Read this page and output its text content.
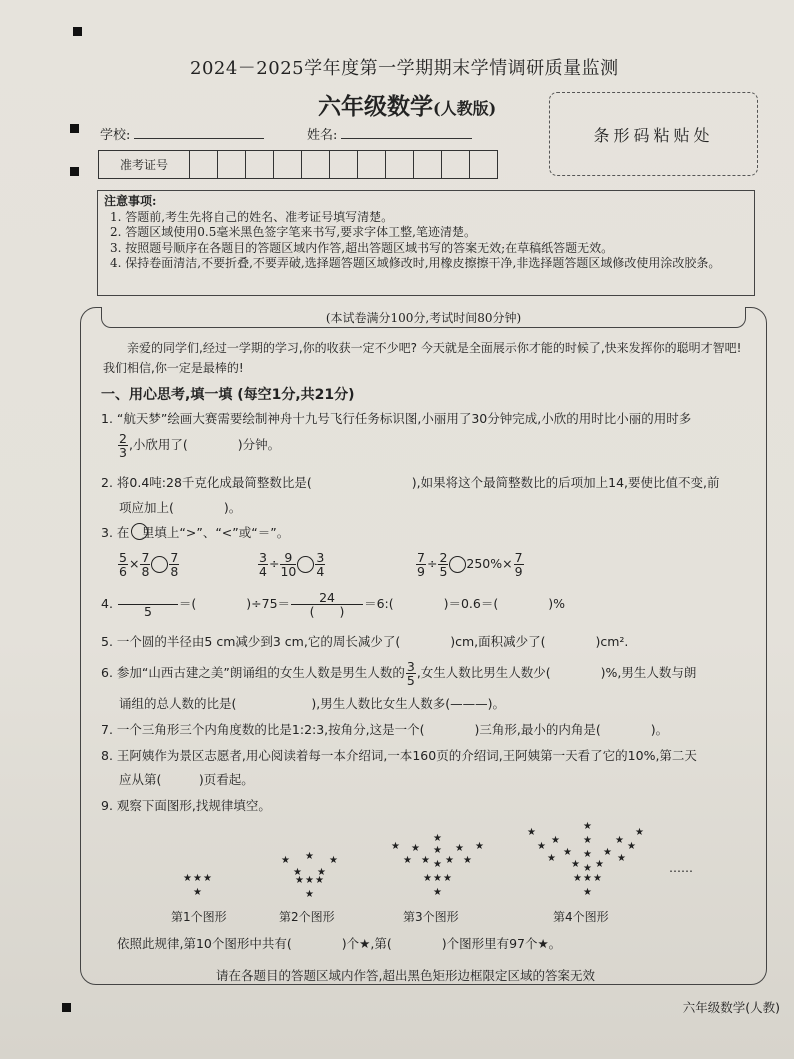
2024－2025学年度第一学期期末学情调研质量监测
六年级数学(人教版)
学校:	姓名:
准考证号
条形码粘贴处
注意事项:
1. 答题前,考生先将自己的姓名、准考证号填写清楚。
2. 答题区域使用0.5毫米黑色签字笔来书写,要求字体工整,笔迹清楚。
3. 按照题号顺序在各题目的答题区域内作答,超出答题区域书写的答案无效;在草稿纸答题无效。
4. 保持卷面清洁,不要折叠,不要弄破,选择题答题区域修改时,用橡皮擦擦干净,非选择题答题区域修改使用涂改胶条。
(本试卷满分100分,考试时间80分钟)
亲爱的同学们,经过一学期的学习,你的收获一定不少吧? 今天就是全面展示你才能的时候了,快来发挥你的聪明才智吧! 我们相信,你一定是最棒的!
一、用心思考,填一填 (每空1分,共21分)
1. “航天梦”绘画大赛需要绘制神舟十九号飞行任务标识图,小丽用了30分钟完成,小欣的用时比小丽的用时多
$\frac{2}{3}$ ,小欣用了(　　　　)分钟。
2. 将0.4吨:28千克化成最简整数比是(　　　　　　　　),如果将这个最简整数比的后项加上14,要使比值不变,前
项应加上(　　　　)。
3. 在　里填上“>”、“<”或“＝”。
$\frac{5}{6} \times \frac{7}{8} \frac{7}{8}$	$\frac{3}{4} \div \frac{9}{10} \frac{3}{4}$	$\frac{7}{9} \div \frac{2}{5} 250\%\times \frac{7}{9}$
4.

5
＝(　　　　)$\div 75= \frac{24}{( )}$ ＝6:(　　　　)＝0.6＝(　　　　)%
5. 一个圆的半径由5 cm减少到3 cm,它的周长减少了(　　　　)cm,面积减少了(　　　　)cm².
6. 参加“山西古建之美”朗诵组的女生人数是男生人数的 $\frac{3}{5}$ ,女生人数比男生人数少(　　　　)%,男生人数与朗
诵组的总人数的比是(　　　　　　),男生人数比女生人数多(———)。
7. 一个三角形三个内角度数的比是1:2:3,按角分,这是一个(　　　　)三角形,最小的内角是(　　　　)。
8. 王阿姨作为景区志愿者,用心阅读着每一本介绍词,一本160页的介绍词,王阿姨第一天看了它的10%,第二天
应从第(　　　)页看起。
9. 观察下面图形,找规律填空。
★ ★ ★
★
★ ★ ★
★ ★
★ ★ ★
★
★ ★
★
★ ★
★ ★
★
★ ★
★
★ ★ ★
★
★
★
★
★
★
★
★
★
★
★
★
★
★
★
★
★
★ ★ ★
★
第1个图形	第2个图形	第3个图形	第4个图形
……
依照此规律,第10个图形中共有(　　　　)个★,第(　　　　)个图形里有97个★。
请在各题目的答题区域内作答,超出黑色矩形边框限定区域的答案无效
六年级数学(人教)
